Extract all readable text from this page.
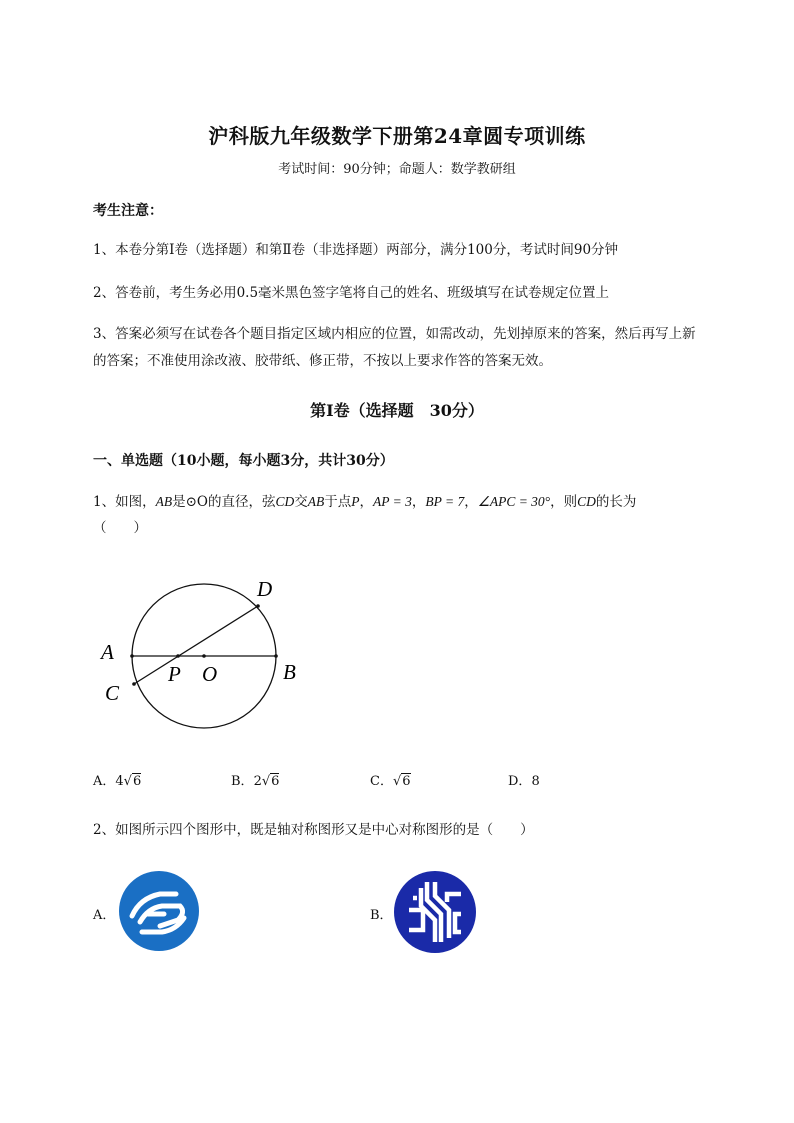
沪科版九年级数学下册第24章圆专项训练
考试时间：90分钟；命题人：数学教研组
考生注意：
1、本卷分第I卷（选择题）和第Ⅱ卷（非选择题）两部分，满分100分，考试时间90分钟
2、答卷前，考生务必用0.5毫米黑色签字笔将自己的姓名、班级填写在试卷规定位置上
3、答案必须写在试卷各个题目指定区域内相应的位置，如需改动，先划掉原来的答案，然后再写上新
的答案；不准使用涂改液、胶带纸、修正带，不按以上要求作答的答案无效。
第I卷（选择题　30分）
一、单选题（10小题，每小题3分，共计30分）
1、如图，AB是⊙O的直径，弦CD交AB于点P，AP = 3，BP = 7，∠APC = 30°，则CD的长为
（　　）
A
B
C
D
P O
A．4√6	B．2√6	C．√6	D．8
2、如图所示四个图形中，既是轴对称图形又是中心对称图形的是（　　）
A．	B．
